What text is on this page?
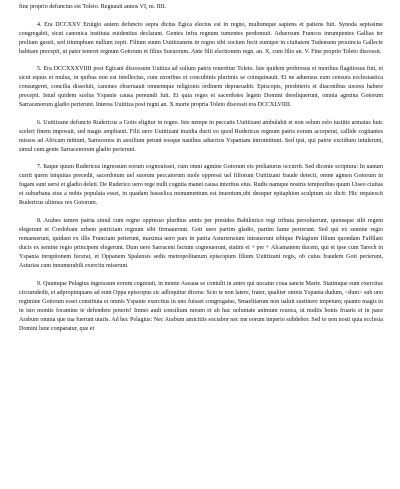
fine proprio defunctus est Toleto. Regnauit annos VI, m. IIII.

4. Era DCCXXV Eruigio autem defuncto supra dictus Egica electus est in regno, multumque sapiens et patiens fuit. Synoda sepissime congregabit, sicut canonica instituta euidentius declarant. Gentes infra regnum tumentes perdomuit. Aduersum Francos inrumpentes Gallias ter prelium gessit, sed triumphum nullum cepit. Filium suum Uuittizanem in regno sibi socium fecit eumque in ciuitatem Tudensem prouincia Gallecie habitare precepit, ut pater teneret regnum Gotorum et filius Sueuorum. Ante filii electionem regn. an. X, cum filio an. V. Fine proprio Toleto discessit.

5. Era DCCXXXVIIII post Egicani discessum Uuitiza ad solium patris reuertitur Toleto. Iste quidem probrosus et moribus flagitiosus fuit, et sicut equus et mulus, in quibus non est intellectus, cum uxoribus et concubinis plurimis se coinquinauit. Et ne aduersus eum censura ecclesiastica consurgeret, concilia dissoluit, canones obseruauit omnemque religionis ordinem depraeuabit. Episcopis, presbiteris et diaconibus uxores habere precepit. Istud quidem scelus Yspanie causa pereundi fuit. Et quia reges et sacerdotes legem Domini dereliquerunt, omnia agmina Gotorum Sarracenorum gladio perierunt. Interea Uuittiza post regni an. X morte propria Toleto discessit era DCCXLVIIII.

6. Uuittizane defuncto Rudericus a Gotis eligitur in regno. Iste nempe in peccatis Uuittizani ambulabit et non solum zelo iustitie armatus huic sceleri finem imposuit, sed magis ampliauit. Filii uero Uuittizani inuidia ducti eo quod Rudericus regnum patris eorum acceperat, callide cogitantes missos ad Africam mittunt, Sarracenos in auxilium petunt eosque nauibus aduectos Yspaniam intromittunt. Sed ipsi, qui patrie excidium intulerunt, simul cum gente Sarracenorum gladio perierunt.

7. Itaque quum Rudericus ingressum eorum cognouisset, cum omni agmine Gotorum eis preliaturus occurrit. Sed dicente scriptura: In uanum currit quem iniquitas precedit, sacerdotum uel suorum peccatorum mole oppressi uel filiorum Uuittizani fraude detecti, omne agmen Gotorum in fugam sunt uersi et gladio deleti. De Ruderico uero rege nulli cognita manet causa interitus eius. Rudis namque nostris temporibus quum Uiseo ciuitas et suburbana eius a nobis populata esset, in quadam basselica monumentum est inuentum,ubi desuper epitaphion sculptum sic dicit: Hic requiescit Rudericus ultimus rex Gotorum.

8. Arabes tamen patria simul cum regno oppresso pluribus annis per presides Babilonico regi tributa persoluerunt, quousque sibi regem elegerunt et Cordobam urbem patriciam regnum sibi firmauerunt. Goti uero partim gladio, partim fame perierunt. Sed qui ex semine regio remanserunt, quidam ex illis Franciam petierunt, maxima uero pars in patria Asturiensium intrauerunt sibique Pelagium filium quondam Faffilani ducis ex semine regio principem elegerunt. Dum uero Sarraceni factum cognouerunt, statim ei + per + Alcamanem ducem, qui et ipse cum Tarech in Yspania inruptionem fecerat, et Oppanem Spalensis sedis metropolitanum episcopum filium Uuittizani regis, ob cuius fraudem Goti perierunt, Asturias cum innumerabili exercitu miserunt.

9. Quumque Pelagius ingressum eorum cognouit, in monte Aseaua se contulit in antro qui uocatur coua sancte Marie. Statimque eum exercitus circumdedit, et adpropinquans ad eum Oppa episcopus sic adloquitur dicens: Scio te non latere, frater, qualiter omnis Yspania dudum, <dum> sub uno regimine Gotorum esset constituta et omnis Yspanie exercitus in uno fuisset congregatus, Smaelitarum non ualuit sustinere impetum; quanto magis tu in isto montis foramine te defendere poteris! Immo audi consilium meum et ab hac uoluntate animum reuoca, ut multis bonis fruaris et in pace Arabum omnia que tua fuerunt utaris. Ad hec Pelagius: Nec Arabum amicitiis sociabor nec me eorum imperio subdebor. Sed to non nosti quia ecclesia Domini lune conparatur, que et
